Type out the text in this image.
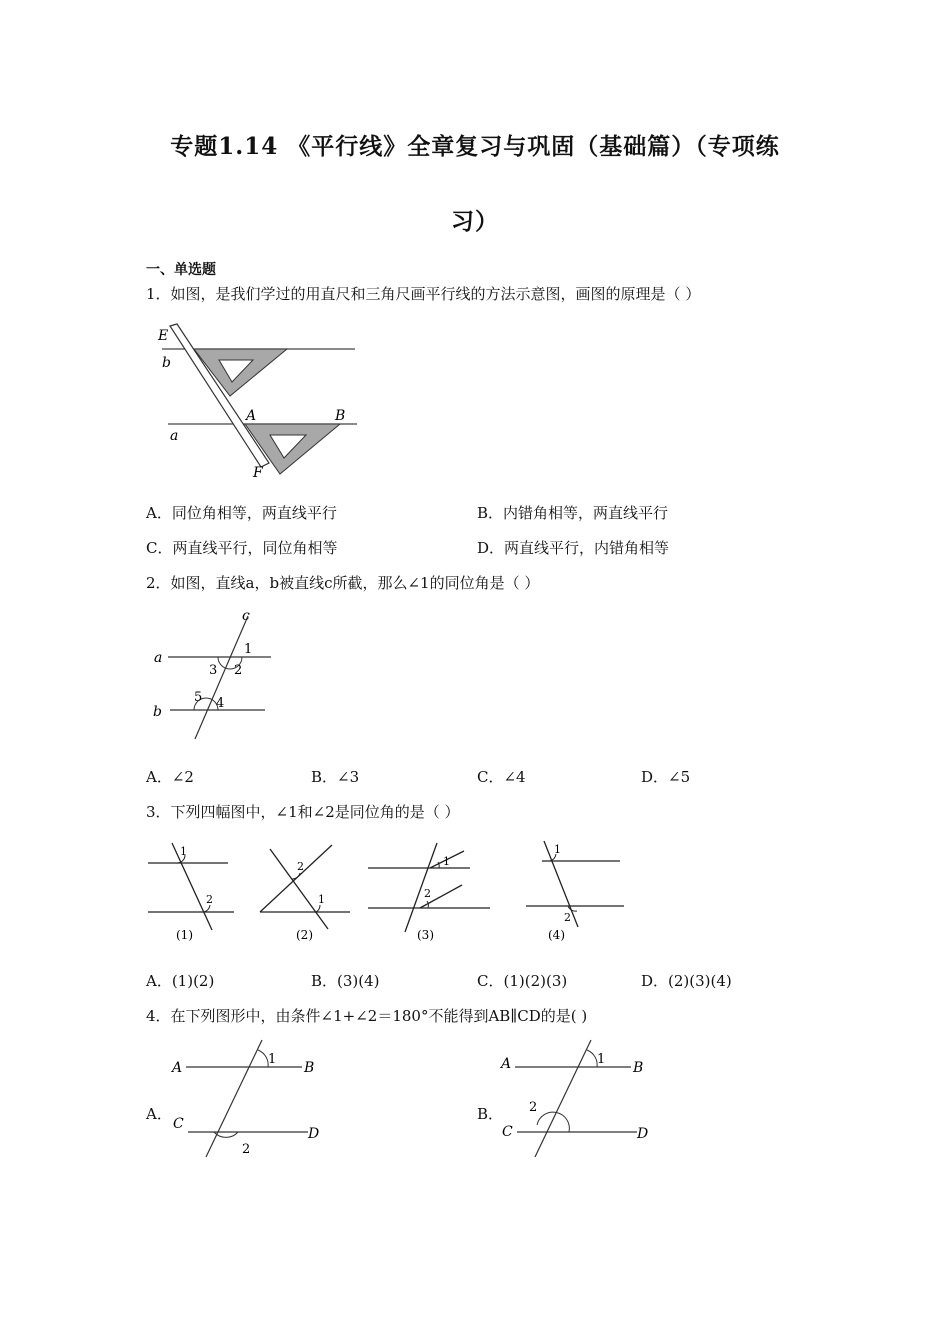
专题1.14 《平行线》全章复习与巩固（基础篇）（专项练
习）
一、单选题
1．如图，是我们学过的用直尺和三角尺画平行线的方法示意图，画图的原理是（ ）
E
b
A	B
a
F
A．同位角相等，两直线平行	B．内错角相等，两直线平行
C．两直线平行，同位角相等	D．两直线平行，内错角相等
2．如图，直线a，b被直线c所截，那么∠1的同位角是（ ）
c
a
b
1
2
3
4
5
A．∠2	B．∠3	C．∠4	D．∠5
3．下列四幅图中，∠1和∠2是同位角的是（ ）
1
2
(1)
2
1
(2)
1
2
(3)
1
2
(4)
A．(1)(2)	B．(3)(4)	C．(1)(2)(3)	D．(2)(3)(4)
4．在下列图形中，由条件∠1+∠2＝180°不能得到AB∥CD的是( )
A．
A	B
C
D
1
2
B．
A	B
C	D
1
2
